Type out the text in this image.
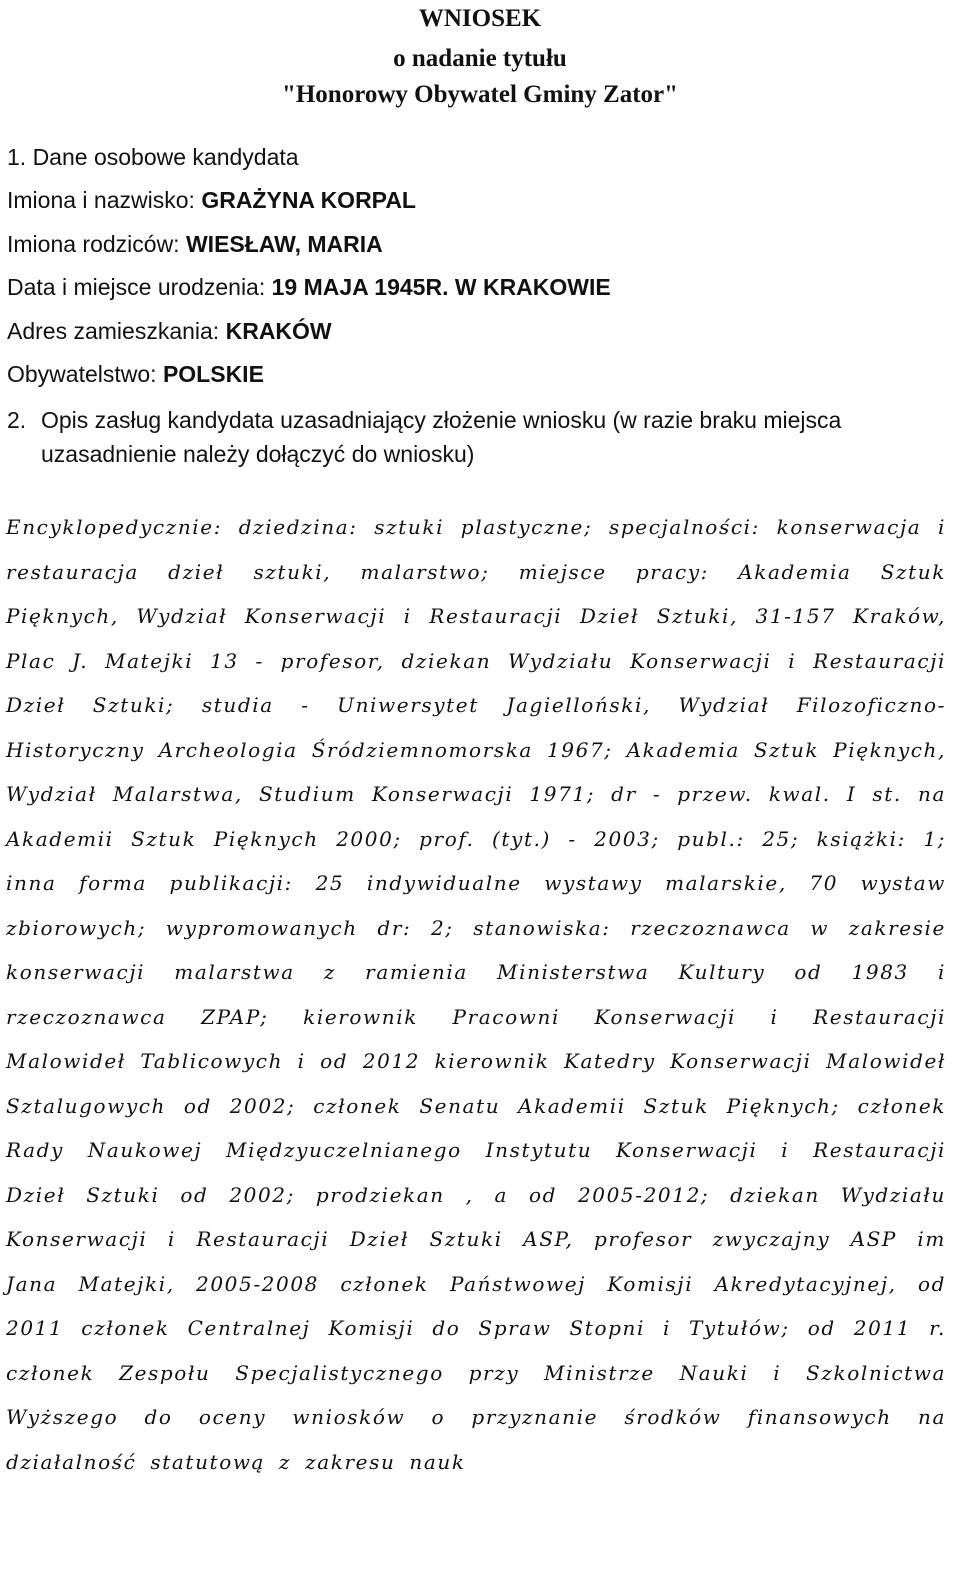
WNIOSEK
o nadanie tytułu
"Honorowy Obywatel Gminy Zator"
1. Dane osobowe kandydata
Imiona i nazwisko: GRAŻYNA KORPAL
Imiona rodziców: WIESŁAW, MARIA
Data i miejsce urodzenia: 19 MAJA 1945R. W KRAKOWIE
Adres zamieszkania: KRAKÓW
Obywatelstwo: POLSKIE
2. Opis zasług kandydata uzasadniający złożenie wniosku (w razie braku miejsca uzasadnienie należy dołączyć do wniosku)
Encyklopedycznie: dziedzina: sztuki plastyczne; specjalności: konserwacja i restauracja dzieł sztuki, malarstwo; miejsce pracy: Akademia Sztuk Pięknych, Wydział Konserwacji i Restauracji Dzieł Sztuki, 31-157 Kraków, Plac J. Matejki 13 - profesor, dziekan Wydziału Konserwacji i Restauracji Dzieł Sztuki; studia - Uniwersytet Jagielloński, Wydział Filozoficzno-Historyczny Archeologia Śródziemnomorska 1967; Akademia Sztuk Pięknych, Wydział Malarstwa, Studium Konserwacji 1971; dr - przew. kwal. I st. na Akademii Sztuk Pięknych 2000; prof. (tyt.) - 2003; publ.: 25; książki: 1; inna forma publikacji: 25 indywidualne wystawy malarskie, 70 wystaw zbiorowych; wypromowanych dr: 2; stanowiska: rzeczoznawca w zakresie konserwacji malarstwa z ramienia Ministerstwa Kultury od 1983 i rzeczoznawca ZPAP; kierownik Pracowni Konserwacji i Restauracji Malowideł Tablicowych i od 2012 kierownik Katedry Konserwacji Malowideł Sztalugowych od 2002; członek Senatu Akademii Sztuk Pięknych; członek Rady Naukowej Międzyuczelnianego Instytutu Konserwacji i Restauracji Dzieł Sztuki od 2002; prodziekan , a od 2005-2012; dziekan Wydziału Konserwacji i Restauracji Dzieł Sztuki ASP, profesor zwyczajny ASP im Jana Matejki, 2005-2008 członek Państwowej Komisji Akredytacyjnej, od 2011 członek Centralnej Komisji do Spraw Stopni i Tytułów; od 2011 r. członek Zespołu Specjalistycznego przy Ministrze Nauki i Szkolnictwa Wyższego do oceny wniosków o przyznanie środków finansowych na działalność statutową z zakresu nauk
